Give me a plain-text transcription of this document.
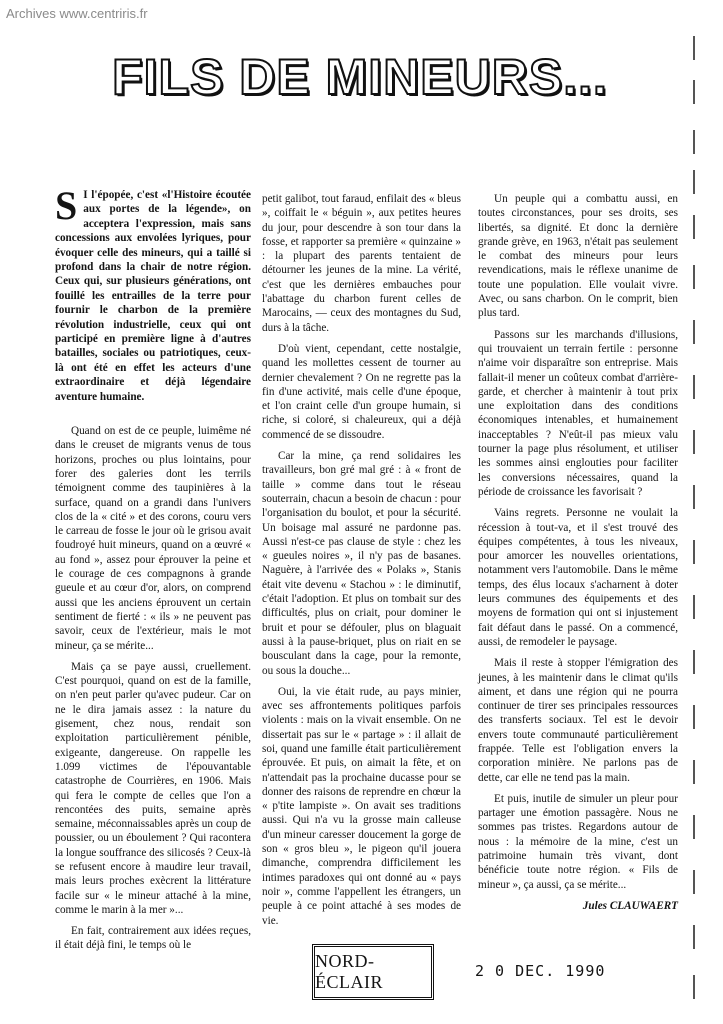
Archives www.centriris.fr
FILS DE MINEURS...

S I l'épopée, c'est «l'Histoire écoutée aux portes de la légende», on acceptera l'expression, mais sans concessions aux envolées lyriques, pour évoquer celle des mineurs, qui a taillé si profond dans la chair de notre région. Ceux qui, sur plusieurs générations, ont fouillé les entrailles de la terre pour fournir le charbon de la première révolution industrielle, ceux qui ont participé en première ligne à d'autres batailles, sociales ou patriotiques, ceux-là ont été en effet les acteurs d'une extraordinaire et déjà légendaire aventure humaine.

Quand on est de ce peuple, luimême né dans le creuset de migrants venus de tous horizons, proches ou plus lointains, pour forer des galeries dont les terrils témoignent comme des taupinières à la surface, quand on a grandi dans l'univers clos de la « cité » et des corons, couru vers le carreau de fosse le jour où le grisou avait foudroyé huit mineurs, quand on a œuvré « au fond », assez pour éprouver la peine et le courage de ces compagnons à grande gueule et au cœur d'or, alors, on comprend aussi que les anciens éprouvent un certain sentiment de fierté : « ils » ne peuvent pas savoir, ceux de l'extérieur, mais le mot mineur, ça se mérite...

Mais ça se paye aussi, cruellement. C'est pourquoi, quand on est de la famille, on n'en peut parler qu'avec pudeur. Car on ne le dira jamais assez : la nature du gisement, chez nous, rendait son exploitation particulièrement pénible, exigeante, dangereuse. On rappelle les 1.099 victimes de l'épouvantable catastrophe de Courrières, en 1906. Mais qui fera le compte de celles que l'on a rencontées des puits, semaine après semaine, méconnaissables après un coup de poussier, ou un éboulement ? Qui racontera la longue souffrance des silicosés ? Ceux-là se refusent encore à maudire leur travail, mais leurs proches exècrent la littérature facile sur « le mineur attaché à la mine, comme le marin à la mer »...

En fait, contrairement aux idées reçues, il était déjà fini, le temps où le

petit galibot, tout faraud, enfilait des « bleus », coiffait le « béguin », aux petites heures du jour, pour descendre à son tour dans la fosse, et rapporter sa première « quinzaine » : la plupart des parents tentaient de détourner les jeunes de la mine. La vérité, c'est que les dernières embauches pour l'abattage du charbon furent celles de Marocains, — ceux des montagnes du Sud, durs à la tâche.

D'où vient, cependant, cette nostalgie, quand les mollettes cessent de tourner au dernier chevalement ? On ne regrette pas la fin d'une activité, mais celle d'une époque, et l'on craint celle d'un groupe humain, si riche, si coloré, si chaleureux, qui a déjà commencé de se dissoudre.

Car la mine, ça rend solidaires les travailleurs, bon gré mal gré : à « front de taille » comme dans tout le réseau souterrain, chacun a besoin de chacun : pour l'organisation du boulot, et pour la sécurité. Un boisage mal assuré ne pardonne pas. Aussi n'est-ce pas clause de style : chez les « gueules noires », il n'y pas de basanes. Naguère, à l'arrivée des « Polaks », Stanis était vite devenu « Stachou » : le diminutif, c'était l'adoption. Et plus on tombait sur des difficultés, plus on criait, pour dominer le bruit et pour se défouler, plus on blaguait aussi à la pause-briquet, plus on riait en se bousculant dans la cage, pour la remonte, ou sous la douche...

Oui, la vie était rude, au pays minier, avec ses affrontements politiques parfois violents : mais on la vivait ensemble. On ne dissertait pas sur le « partage » : il allait de soi, quand une famille était particulièrement éprouvée. Et puis, on aimait la fête, et on n'attendait pas la prochaine ducasse pour se donner des raisons de reprendre en chœur la « p'tite lampiste ». On avait ses traditions aussi. Qui n'a vu la grosse main calleuse d'un mineur caresser doucement la gorge de son « gros bleu », le pigeon qu'il jouera dimanche, comprendra difficilement les intimes paradoxes qui ont donné au « pays noir », comme l'appellent les étrangers, un peuple à ce point attaché à ses modes de vie.

Un peuple qui a combattu aussi, en toutes circonstances, pour ses droits, ses libertés, sa dignité. Et donc la dernière grande grève, en 1963, n'était pas seulement le combat des mineurs pour leurs revendications, mais le réflexe unanime de toute une population. Elle voulait vivre. Avec, ou sans charbon. On le comprit, bien plus tard.

Passons sur les marchands d'illusions, qui trouvaient un terrain fertile : personne n'aime voir disparaître son entreprise. Mais fallait-il mener un coûteux combat d'arrière-garde, et chercher à maintenir à tout prix une exploitation dans des conditions économiques intenables, et humainement inacceptables ? N'eût-il pas mieux valu tourner la page plus résolument, et utiliser les sommes ainsi englouties pour faciliter les conversions nécessaires, quand la période de croissance les favorisait ?

Vains regrets. Personne ne voulait la récession à tout-va, et il s'est trouvé des équipes compétentes, à tous les niveaux, pour amorcer les nouvelles orientations, notamment vers l'automobile. Dans le même temps, des élus locaux s'acharnent à doter leurs communes des équipements et des moyens de formation qui ont si injustement fait défaut dans le passé. On a commencé, aussi, de remodeler le paysage.

Mais il reste à stopper l'émigration des jeunes, à les maintenir dans le climat qu'ils aiment, et dans une région qui ne pourra continuer de tirer ses principales ressources des transferts sociaux. Tel est le devoir envers toute communauté particulièrement frappée. Telle est l'obligation envers la corporation minière. Ne parlons pas de dette, car elle ne tend pas la main.

Et puis, inutile de simuler un pleur pour partager une émotion passagère. Nous ne sommes pas tristes. Regardons autour de nous : la mémoire de la mine, c'est un patrimoine humain très vivant, dont bénéficie toute notre région. « Fils de mineur », ça aussi, ça se mérite...

Jules CLAUWAERT

NORD-ÉCLAIR
2 0 DEC. 1990
